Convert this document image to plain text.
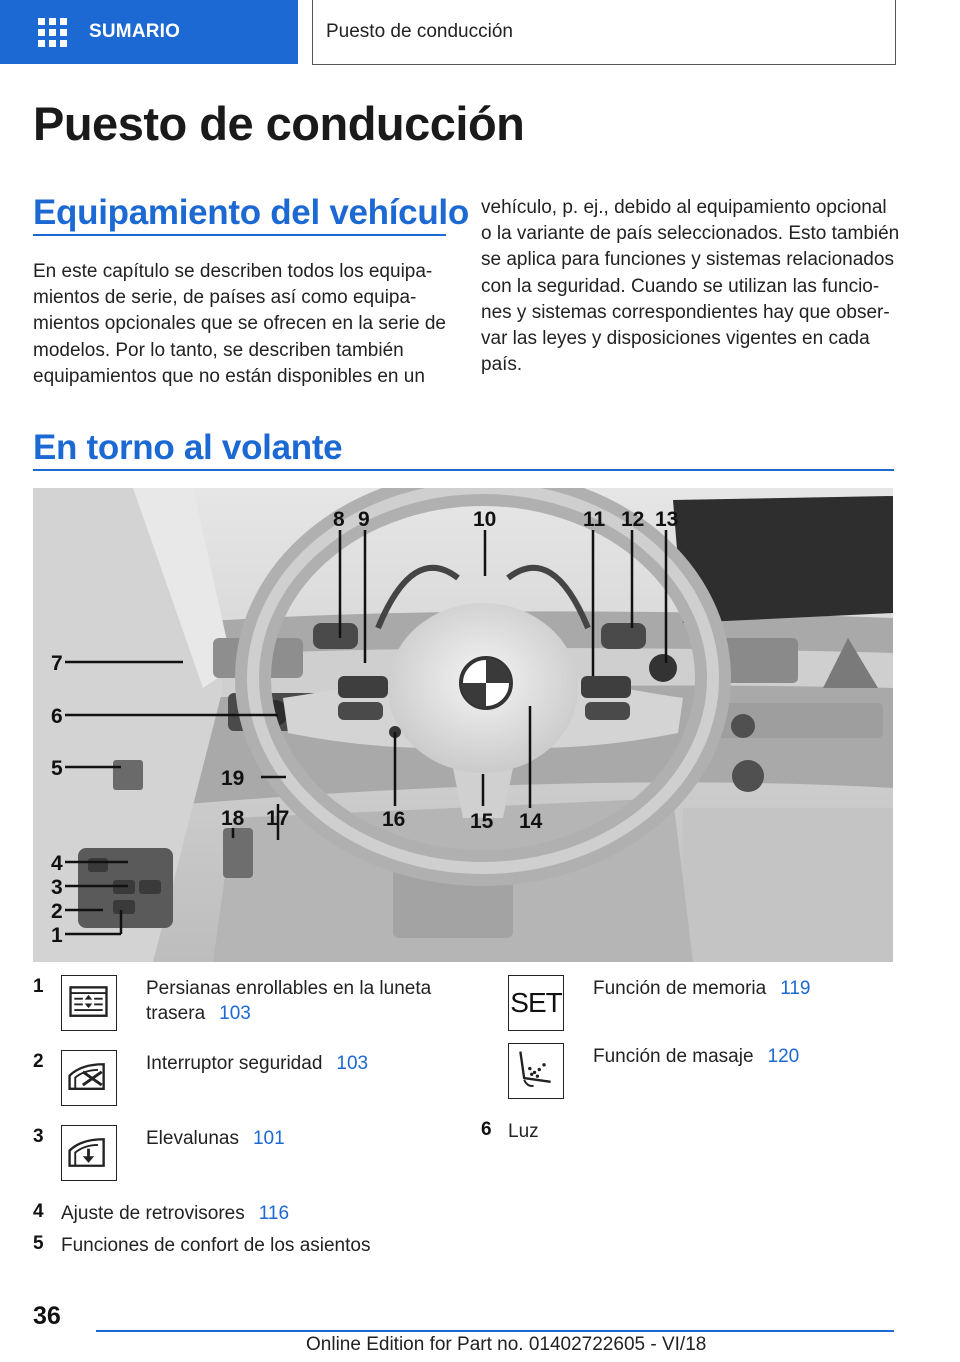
SUMARIO	Puesto de conducción
Puesto de conducción
Equipamiento del vehículo
En este capítulo se describen todos los equipa-
mientos de serie, de países así como equipa-
mientos opcionales que se ofrecen en la serie de
modelos. Por lo tanto, se describen también
equipamientos que no están disponibles en un
vehículo, p. ej., debido al equipamiento opcional
o la variante de país seleccionados. Esto también
se aplica para funciones y sistemas relacionados
con la seguridad. Cuando se utilizan las funcio-
nes y sistemas correspondientes hay que obser-
var las leyes y disposiciones vigentes en cada
país.
En torno al volante
1
2
3
4
5
6
7
8 9	10	11 12 13
14
15
16
17
18
19
1	Persianas enrollables en la luneta
trasera 103
2	Interruptor seguridad 103
3	Elevalunas 101
4 Ajuste de retrovisores 116
5 Funciones de confort de los asientos
SET Función de memoria 119
Función de masaje 120
6 Luz
36
Online Edition for Part no. 01402722605 - VI/18
